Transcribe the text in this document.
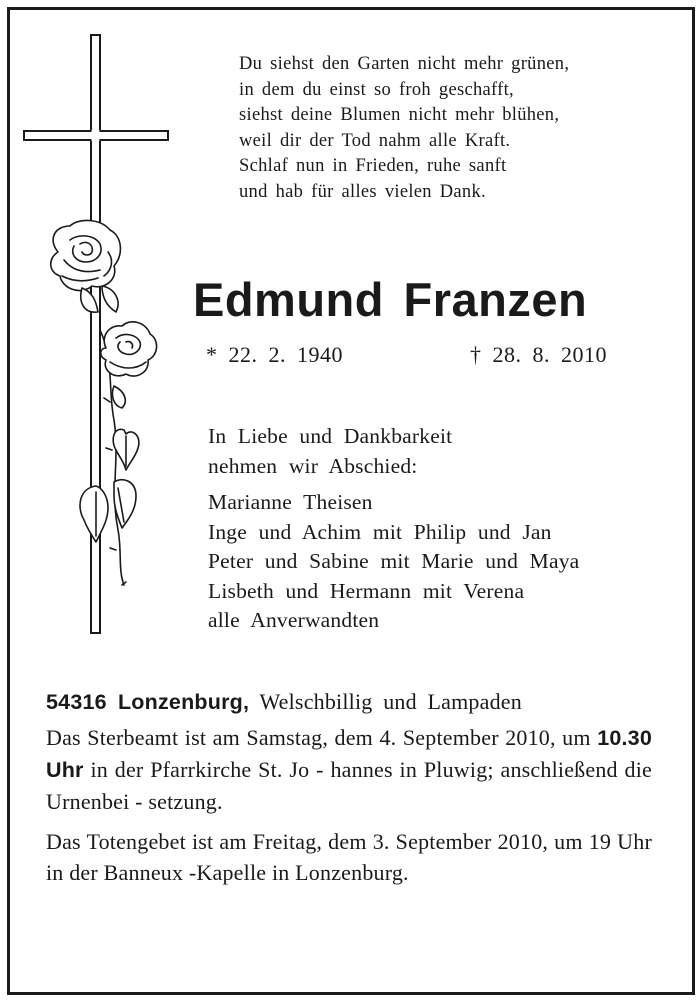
Du siehst den Garten nicht mehr grünen,
in dem du einst so froh geschafft,
siehst deine Blumen nicht mehr blühen,
weil dir der Tod nahm alle Kraft.
Schlaf nun in Frieden, ruhe sanft
und hab für alles vielen Dank.
Edmund Franzen
* 22. 2. 1940	† 28. 8. 2010
In Liebe und Dankbarkeit
nehmen wir Abschied:
Marianne Theisen
Inge und Achim mit Philip und Jan
Peter und Sabine mit Marie und Maya
Lisbeth und Hermann mit Verena
alle Anverwandten

54316 Lonzenburg, Welschbillig und Lampaden

Das Sterbeamt ist am Samstag, dem 4. September 2010, um 10.30 Uhr in der Pfarrkirche St. Jo - hannes in Pluwig; anschließend die Urnenbei - setzung.

Das Totengebet ist am Freitag, dem 3. September 2010, um 19 Uhr in der Banneux -Kapelle in Lonzenburg.
